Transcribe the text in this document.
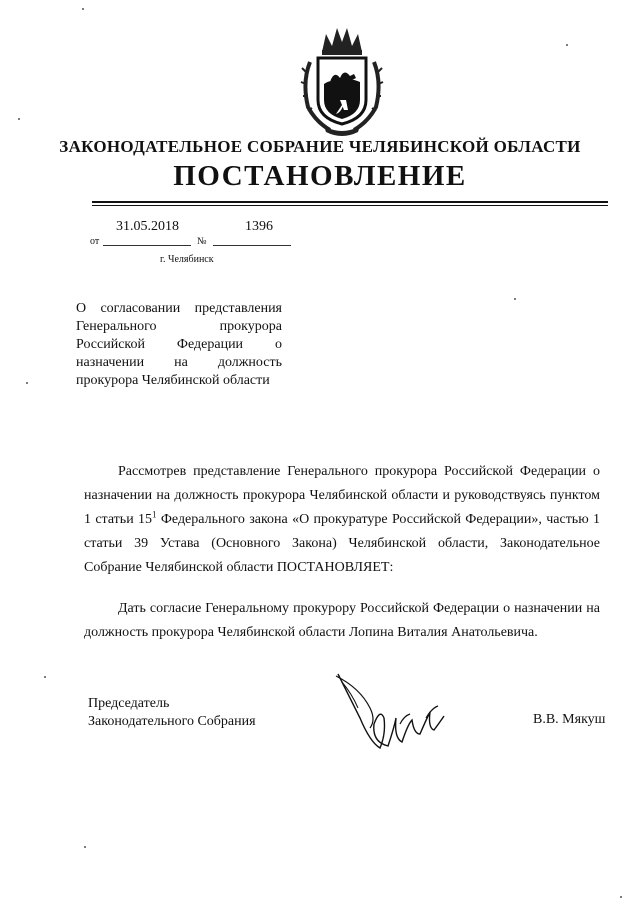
ЗАКОНОДАТЕЛЬНОЕ СОБРАНИЕ ЧЕЛЯБИНСКОЙ ОБЛАСТИ
ПОСТАНОВЛЕНИЕ
31.05.2018	1396
от	№
г. Челябинск
О согласовании представления Генерального прокурора Российской Федерации о назначении на должность прокурора Челябинской области
Рассмотрев представление Генерального прокурора Российской Федерации о назначении на должность прокурора Челябинской области и руководствуясь пунктом 1 статьи $15^1$ Федерального закона «О прокуратуре Российской Федерации», частью 1 статьи 39 Устава (Основного Закона) Челябинской области, Законодательное Собрание Челябинской области ПОСТАНОВЛЯЕТ:
Дать согласие Генеральному прокурору Российской Федерации о назначении на должность прокурора Челябинской области Лопина Виталия Анатольевича.
Председатель
Законодательного Собрания	В.В. Мякуш
